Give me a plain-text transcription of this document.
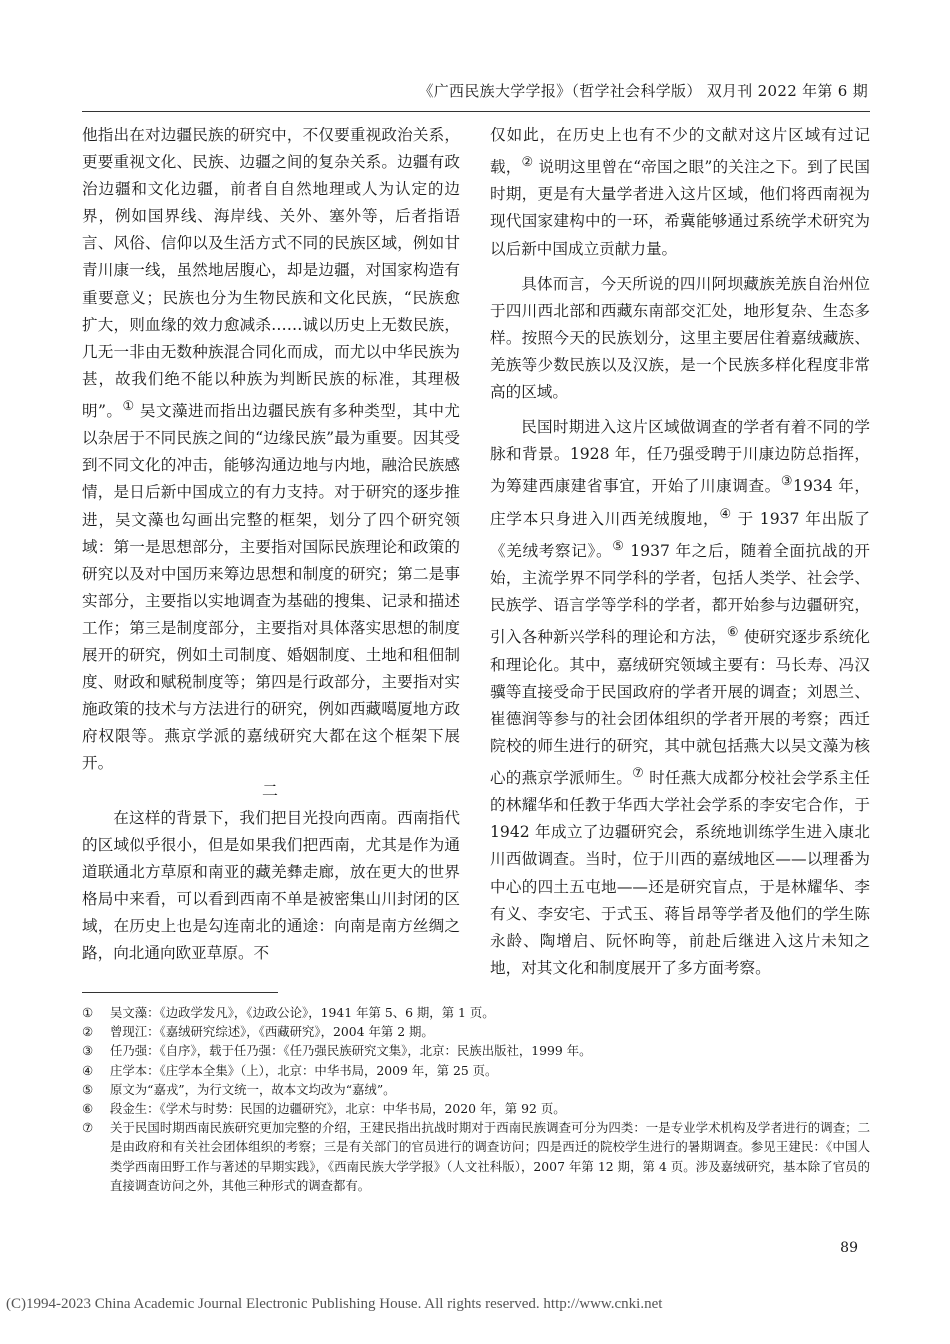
《广西民族大学学报》（哲学社会科学版） 双月刊 2022 年第 6 期

他指出在对边疆民族的研究中，不仅要重视政治关系，更要重视文化、民族、边疆之间的复杂关系。边疆有政治边疆和文化边疆，前者自自然地理或人为认定的边界，例如国界线、海岸线、关外、塞外等，后者指语言、风俗、信仰以及生活方式不同的民族区域，例如甘青川康一线，虽然地居腹心，却是边疆，对国家构造有重要意义；民族也分为生物民族和文化民族，“民族愈扩大，则血缘的效力愈减杀……诚以历史上无数民族，几无一非由无数种族混合同化而成，而尤以中华民族为甚，故我们绝不能以种族为判断民族的标准，其理极明”。① 吴文藻进而指出边疆民族有多种类型，其中尤以杂居于不同民族之间的“边缘民族”最为重要。因其受到不同文化的冲击，能够沟通边地与内地，融洽民族感情，是日后新中国成立的有力支持。对于研究的逐步推进，吴文藻也勾画出完整的框架，划分了四个研究领域：第一是思想部分，主要指对国际民族理论和政策的研究以及对中国历来筹边思想和制度的研究；第二是事实部分，主要指以实地调查为基础的搜集、记录和描述工作；第三是制度部分，主要指对具体落实思想的制度展开的研究，例如土司制度、婚姻制度、土地和租佃制度、财政和赋税制度等；第四是行政部分，主要指对实施政策的技术与方法进行的研究，例如西藏噶厦地方政府权限等。燕京学派的嘉绒研究大都在这个框架下展开。

二

在这样的背景下，我们把目光投向西南。西南指代的区域似乎很小，但是如果我们把西南，尤其是作为通道联通北方草原和南亚的藏羌彝走廊，放在更大的世界格局中来看，可以看到西南不单是被密集山川封闭的区域，在历史上也是勾连南北的通途：向南是南方丝绸之路，向北通向欧亚草原。不

仅如此，在历史上也有不少的文献对这片区域有过记载，② 说明这里曾在“帝国之眼”的关注之下。到了民国时期，更是有大量学者进入这片区域，他们将西南视为现代国家建构中的一环，希冀能够通过系统学术研究为以后新中国成立贡献力量。

具体而言，今天所说的四川阿坝藏族羌族自治州位于四川西北部和西藏东南部交汇处，地形复杂、生态多样。按照今天的民族划分，这里主要居住着嘉绒藏族、羌族等少数民族以及汉族，是一个民族多样化程度非常高的区域。

民国时期进入这片区域做调查的学者有着不同的学脉和背景。1928 年，任乃强受聘于川康边防总指挥，为筹建西康建省事宜，开始了川康调查。③1934 年，庄学本只身进入川西羌绒腹地，④ 于 1937 年出版了《羌绒考察记》。⑤ 1937 年之后，随着全面抗战的开始，主流学界不同学科的学者，包括人类学、社会学、民族学、语言学等学科的学者，都开始参与边疆研究，引入各种新兴学科的理论和方法，⑥ 使研究逐步系统化和理论化。其中，嘉绒研究领域主要有：马长寿、冯汉骥等直接受命于民国政府的学者开展的调查；刘恩兰、崔德润等参与的社会团体组织的学者开展的考察；西迁院校的师生进行的研究，其中就包括燕大以吴文藻为核心的燕京学派师生。⑦ 时任燕大成都分校社会学系主任的林耀华和任教于华西大学社会学系的李安宅合作，于 1942 年成立了边疆研究会，系统地训练学生进入康北川西做调查。当时，位于川西的嘉绒地区——以理番为中心的四土五屯地——还是研究盲点，于是林耀华、李有义、李安宅、于式玉、蒋旨昂等学者及他们的学生陈永龄、陶增启、阮怀昫等，前赴后继进入这片未知之地，对其文化和制度展开了多方面考察。

①	吴文藻：《边政学发凡》，《边政公论》，1941 年第 5、6 期，第 1 页。
②	曾现江：《嘉绒研究综述》，《西藏研究》，2004 年第 2 期。
③	任乃强：《自序》，载于任乃强：《任乃强民族研究文集》，北京：民族出版社，1999 年。
④	庄学本：《庄学本全集》（上），北京：中华书局，2009 年，第 25 页。
⑤	原文为“嘉戎”，为行文统一，故本文均改为“嘉绒”。
⑥	段金生：《学术与时势：民国的边疆研究》，北京：中华书局，2020 年，第 92 页。
⑦	关于民国时期西南民族研究更加完整的介绍，王建民指出抗战时期对于西南民族调查可分为四类：一是专业学术机构及学者进行的调查；二是由政府和有关社会团体组织的考察；三是有关部门的官员进行的调查访问；四是西迁的院校学生进行的暑期调查。参见王建民：《中国人类学西南田野工作与著述的早期实践》，《西南民族大学学报》（人文社科版），2007 年第 12 期，第 4 页。涉及嘉绒研究，基本除了官员的直接调查访问之外，其他三种形式的调查都有。
89
(C)1994-2023 China Academic Journal Electronic Publishing House. All rights reserved. http://www.cnki.net
